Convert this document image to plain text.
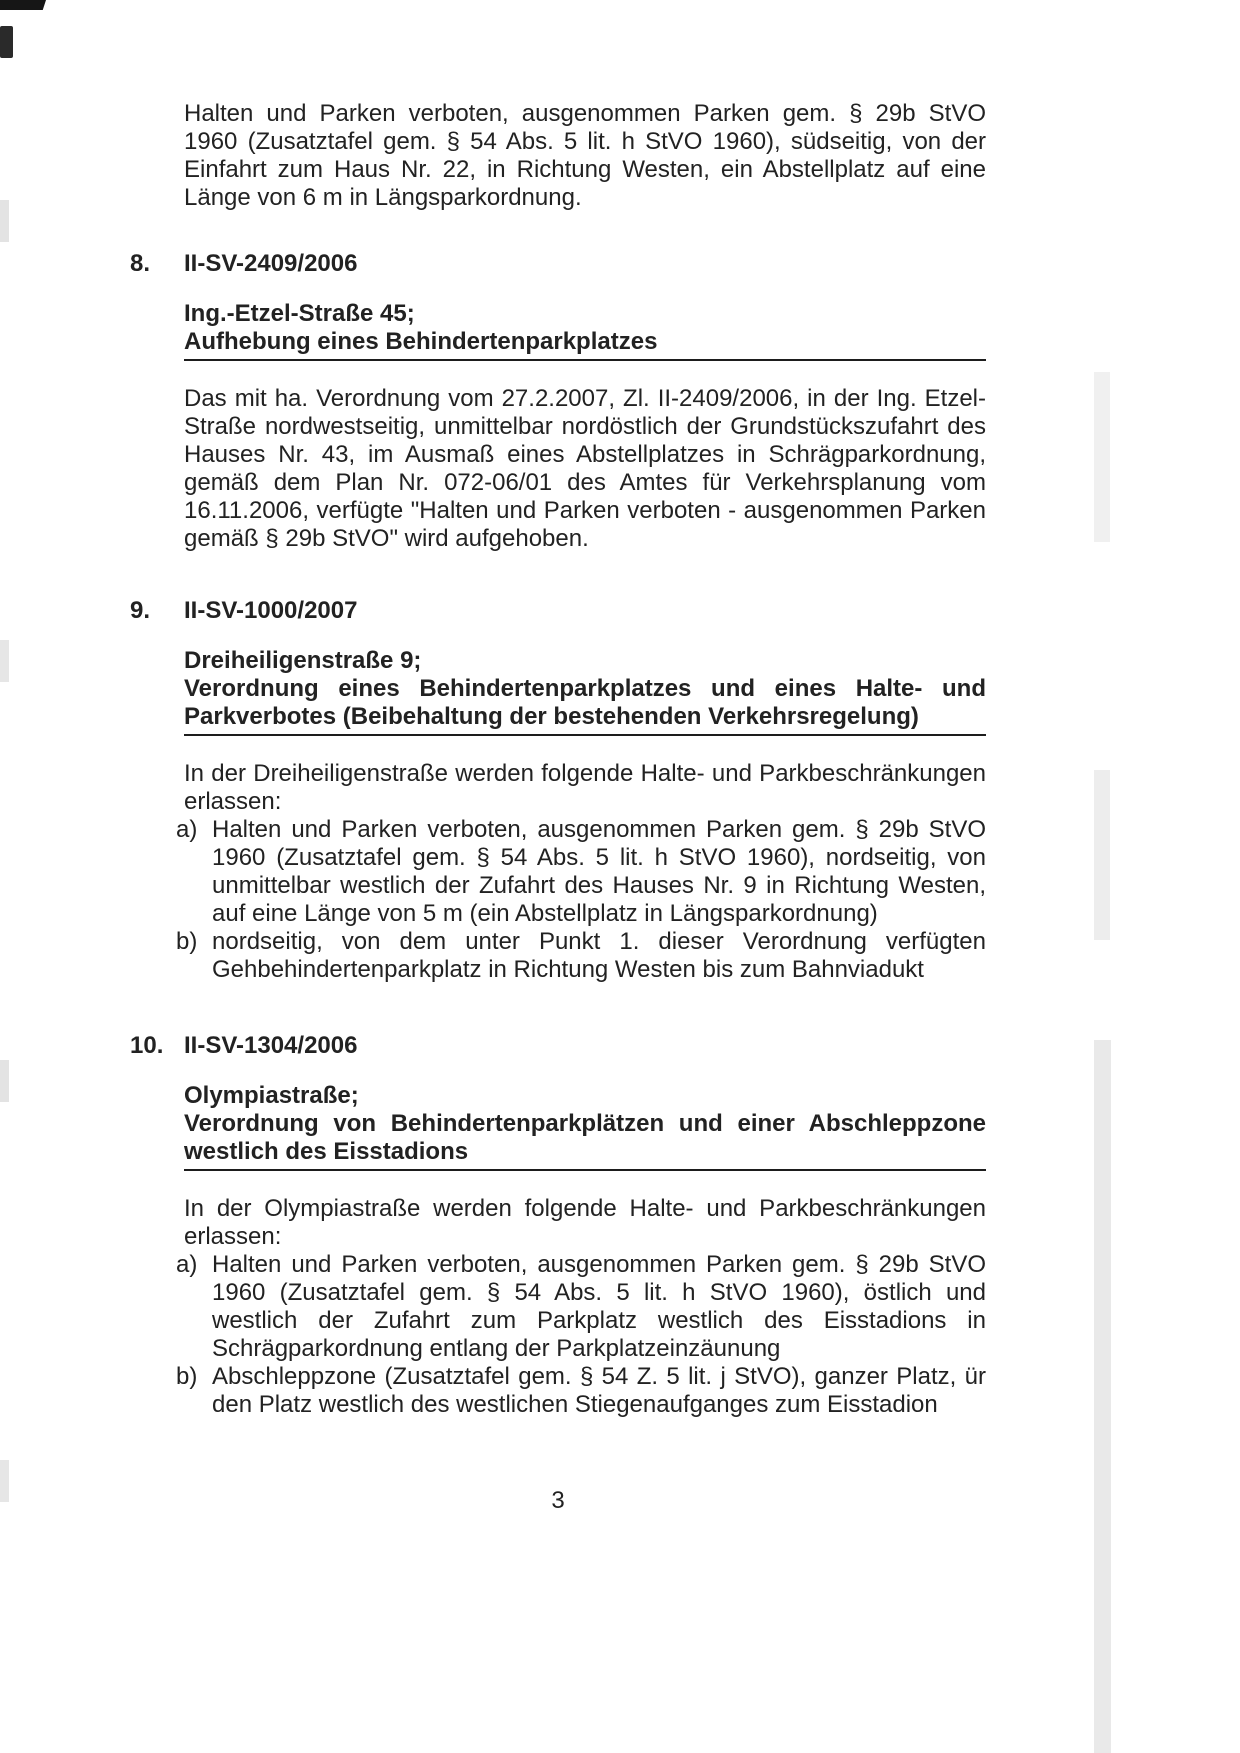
Halten und Parken verboten, ausgenommen Parken gem. § 29b StVO 1960 (Zusatztafel gem. § 54 Abs. 5 lit. h StVO 1960), südseitig, von der Einfahrt zum Haus Nr. 22, in Richtung Westen, ein Abstellplatz auf eine Länge von 6 m in Längsparkordnung.

8.	II-SV-2409/2006
Ing.-Etzel-Straße 45;
Aufhebung eines Behindertenparkplatzes

Das mit ha. Verordnung vom 27.2.2007, Zl. II-2409/2006, in der Ing. Etzel-Straße nordwestseitig, unmittelbar nordöstlich der Grundstückszufahrt des Hauses Nr. 43, im Ausmaß eines Abstellplatzes in Schrägparkordnung, gemäß dem Plan Nr. 072-06/01 des Amtes für Verkehrsplanung vom 16.11.2006, verfügte "Halten und Parken verboten - ausgenommen Parken gemäß § 29b StVO" wird aufgehoben.

9.	II-SV-1000/2007
Dreiheiligenstraße 9;
Verordnung eines Behindertenparkplatzes und eines Halte- und
Parkverbotes (Beibehaltung der bestehenden Verkehrsregelung)

In der Dreiheiligenstraße werden folgende Halte- und Parkbeschränkungen erlassen:

a) Halten und Parken verboten, ausgenommen Parken gem. § 29b StVO 1960 (Zusatztafel gem. § 54 Abs. 5 lit. h StVO 1960), nordseitig, von unmittelbar westlich der Zufahrt des Hauses Nr. 9 in Richtung Westen, auf eine Länge von 5 m (ein Abstellplatz in Längsparkordnung)
b) nordseitig, von dem unter Punkt 1. dieser Verordnung verfügten Gehbehindertenparkplatz in Richtung Westen bis zum Bahnviadukt
10. II-SV-1304/2006
Olympiastraße;
Verordnung von Behindertenparkplätzen und einer Abschleppzone
westlich des Eisstadions

In der Olympiastraße werden folgende Halte- und Parkbeschränkungen erlassen:

a) Halten und Parken verboten, ausgenommen Parken gem. § 29b StVO 1960 (Zusatztafel gem. § 54 Abs. 5 lit. h StVO 1960), östlich und westlich der Zufahrt zum Parkplatz westlich des Eisstadions in Schrägparkordnung entlang der Parkplatzeinzäunung
b) Abschleppzone (Zusatztafel gem. § 54 Z. 5 lit. j StVO), ganzer Platz, ür den Platz westlich des westlichen Stiegenaufganges zum Eisstadion
3
